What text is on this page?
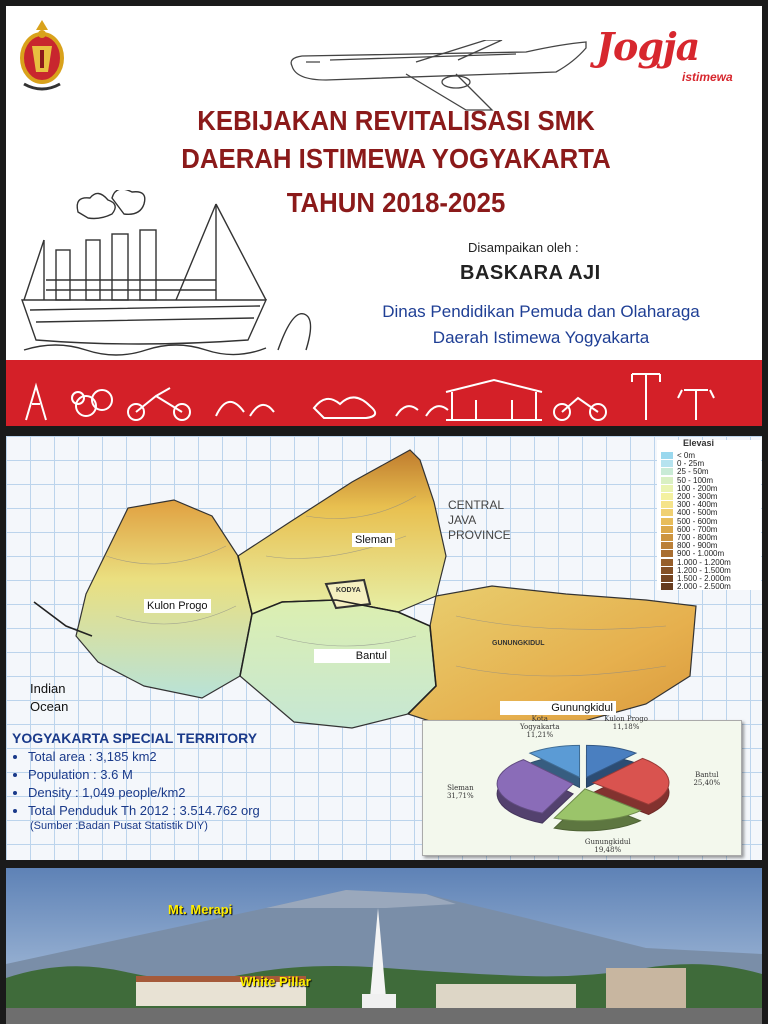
Jogja
istimewa
KEBIJAKAN REVITALISASI SMK
DAERAH ISTIMEWA YOGYAKARTA
TAHUN 2018-2025
Disampaikan oleh :
BASKARA AJI
Dinas Pendidikan Pemuda dan Olaharaga
Daerah Istimewa Yogyakarta
Sleman
Kulon Progo
Bantul
Gunungkidul
KODYA
GUNUNGKIDUL
CENTRAL
JAVA
PROVINCE
Indian
Ocean
Elevasi
< 0m
0 - 25m
25 - 50m
50 - 100m
100 - 200m
200 - 300m
300 - 400m
400 - 500m
500 - 600m
600 - 700m
700 - 800m
800 - 900m
900 - 1.000m
1.000 - 1.200m
1.200 - 1.500m
1.500 - 2.000m
2.000 - 2.500m
YOGYAKARTA SPECIAL TERRITORY
• Total area : 3,185 km2
• Population : 3.6 M
• Density : 1,049 people/km2
• Total Penduduk Th 2012 : 3.514.762 org
(Sumber :Badan Pusat Statistik DIY)
Kota
Yogyakarta
11,21%
Kulon Progo
11,18%
Bantul
25,40%
Gunungkidul
19,48%
Sleman
31,71%
Mt. Merapi
White Pillar
